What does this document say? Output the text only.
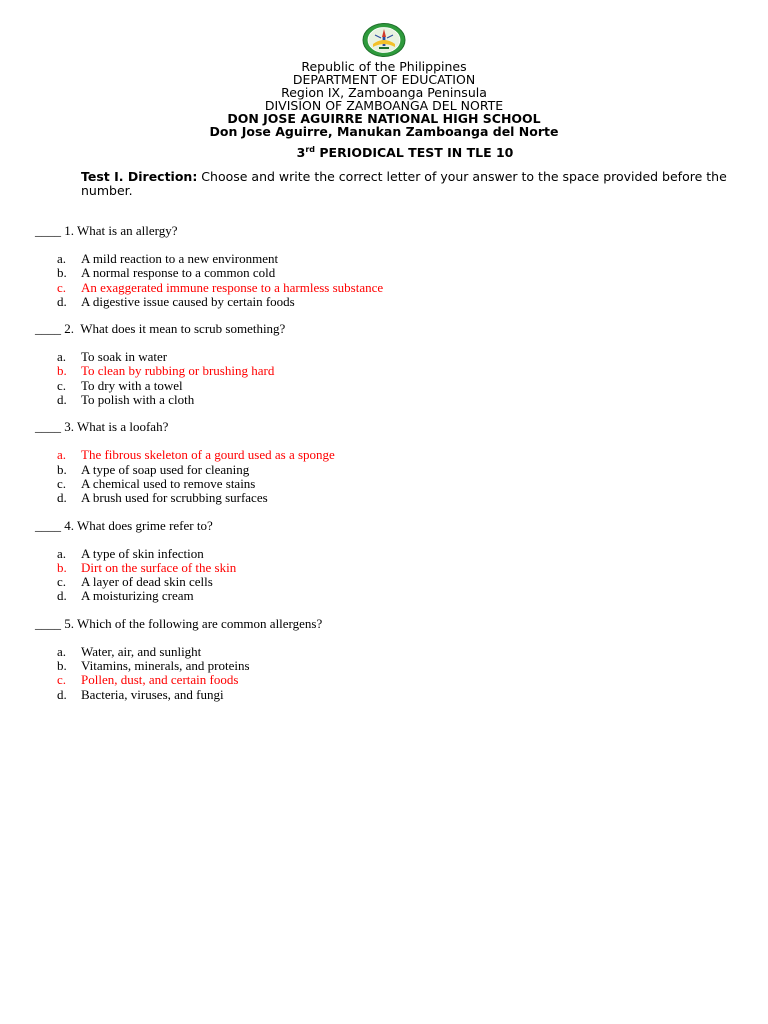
Republic of the Philippines
DEPARTMENT OF EDUCATION
Region IX, Zamboanga Peninsula
DIVISION OF ZAMBOANGA DEL NORTE
DON JOSE AGUIRRE NATIONAL HIGH SCHOOL
Don Jose Aguirre, Manukan Zamboanga del Norte
3rd PERIODICAL TEST IN TLE 10
Test I. Direction: Choose and write the correct letter of your answer to the space provided before the number.
____ 1. What is an allergy?
a. A mild reaction to a new environment
b. A normal response to a common cold
c. An exaggerated immune response to a harmless substance
d. A digestive issue caused by certain foods
____ 2.  What does it mean to scrub something?
a. To soak in water
b. To clean by rubbing or brushing hard
c. To dry with a towel
d. To polish with a cloth
____ 3. What is a loofah?
a. The fibrous skeleton of a gourd used as a sponge
b. A type of soap used for cleaning
c. A chemical used to remove stains
d. A brush used for scrubbing surfaces
____ 4. What does grime refer to?
a. A type of skin infection
b. Dirt on the surface of the skin
c. A layer of dead skin cells
d. A moisturizing cream
____ 5. Which of the following are common allergens?
a. Water, air, and sunlight
b. Vitamins, minerals, and proteins
c. Pollen, dust, and certain foods
d. Bacteria, viruses, and fungi
